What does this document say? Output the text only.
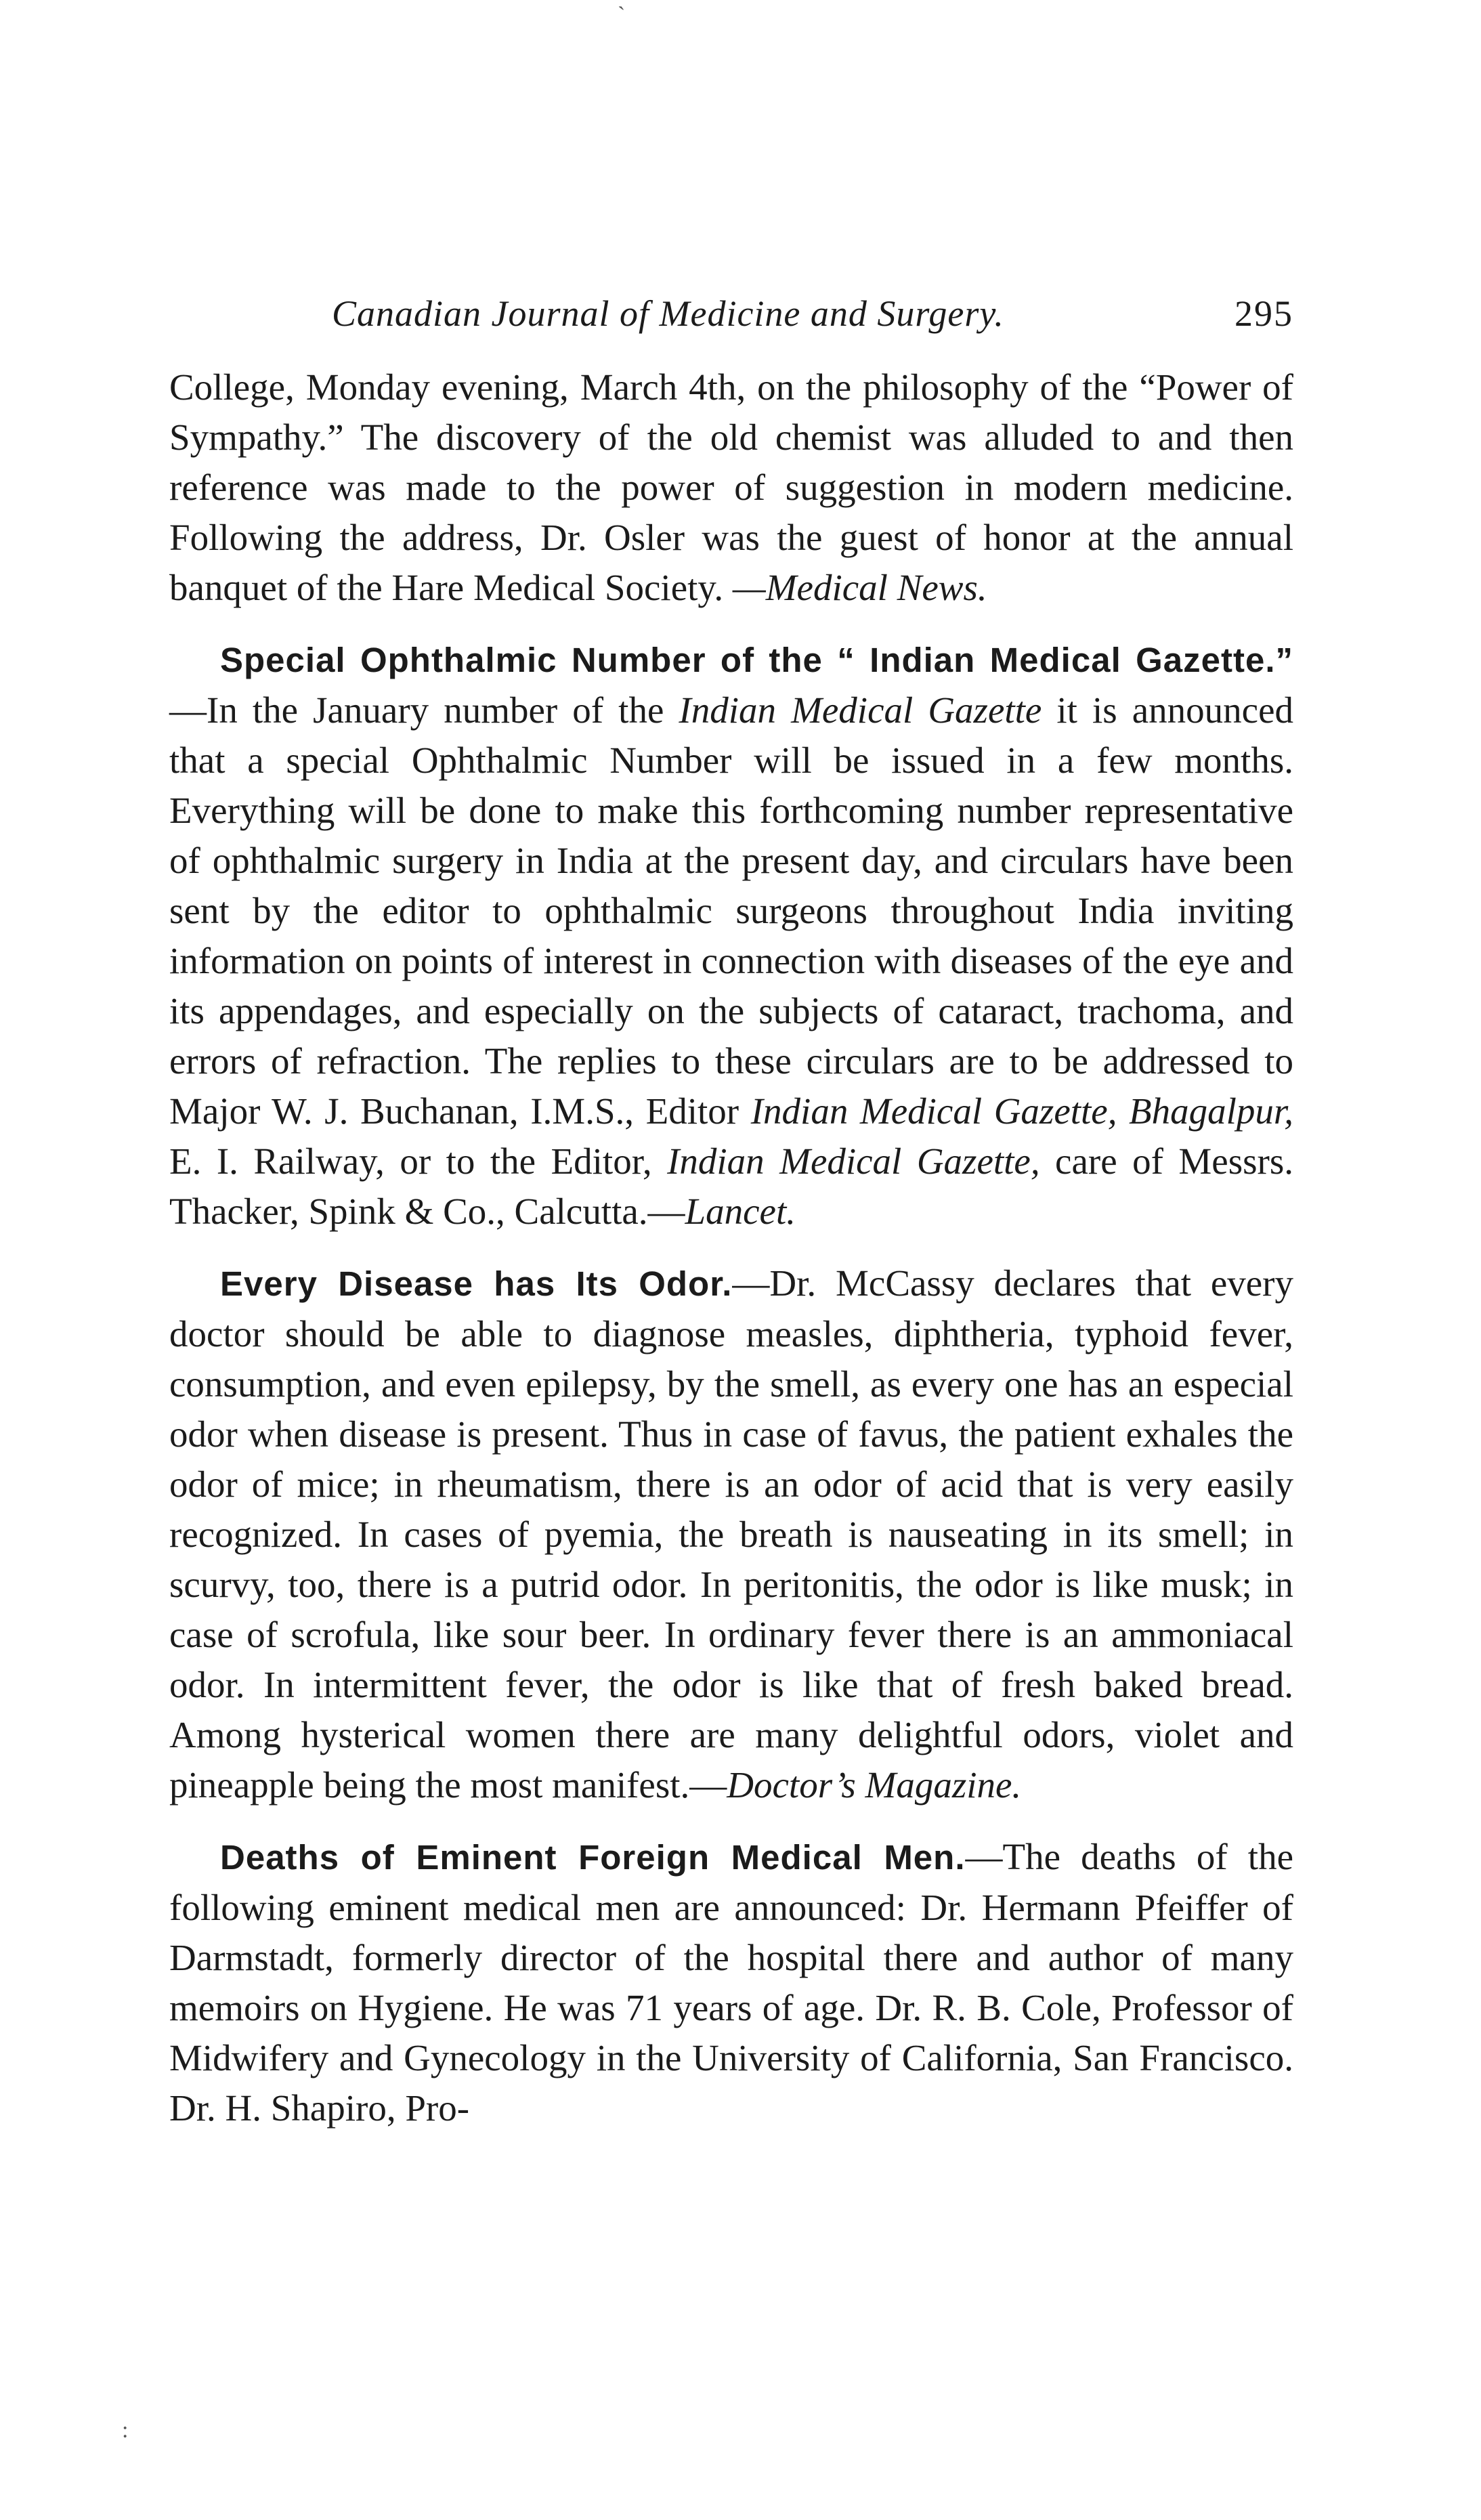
`
Canadian Journal of Medicine and Surgery.	295

College, Monday evening, March 4th, on the philosophy of the “Power of Sympathy.” The discovery of the old chemist was alluded to and then reference was made to the power of suggestion in modern medicine. Following the address, Dr. Osler was the guest of honor at the annual banquet of the Hare Medical Society. —Medical News.

Special Ophthalmic Number of the “ Indian Medical Gazette.” —In the January number of the Indian Medical Gazette it is announced that a special Ophthalmic Number will be issued in a few months. Everything will be done to make this forthcoming number representative of ophthalmic surgery in India at the present day, and circulars have been sent by the editor to ophthalmic surgeons throughout India inviting information on points of interest in connection with diseases of the eye and its appendages, and especially on the subjects of cataract, trachoma, and errors of refraction. The replies to these circulars are to be addressed to Major W. J. Buchanan, I.M.S., Editor Indian Medical Gazette, Bhagalpur, E. I. Railway, or to the Editor, Indian Medical Gazette, care of Messrs. Thacker, Spink & Co., Calcutta.—Lancet.

Every Disease has Its Odor.—Dr. McCassy declares that every doctor should be able to diagnose measles, diphtheria, typhoid fever, consumption, and even epilepsy, by the smell, as every one has an especial odor when disease is present. Thus in case of favus, the patient exhales the odor of mice; in rheumatism, there is an odor of acid that is very easily recognized. In cases of pyemia, the breath is nauseating in its smell; in scurvy, too, there is a putrid odor. In peritonitis, the odor is like musk; in case of scrofula, like sour beer. In ordinary fever there is an ammoniacal odor. In intermittent fever, the odor is like that of fresh baked bread. Among hysterical women there are many delightful odors, violet and pineapple being the most manifest.—Doctor’s Magazine.

Deaths of Eminent Foreign Medical Men.—The deaths of the following eminent medical men are announced: Dr. Hermann Pfeiffer of Darmstadt, formerly director of the hospital there and author of many memoirs on Hygiene. He was 71 years of age. Dr. R. B. Cole, Professor of Midwifery and Gynecology in the University of California, San Francisco. Dr. H. Shapiro, Pro-

:
